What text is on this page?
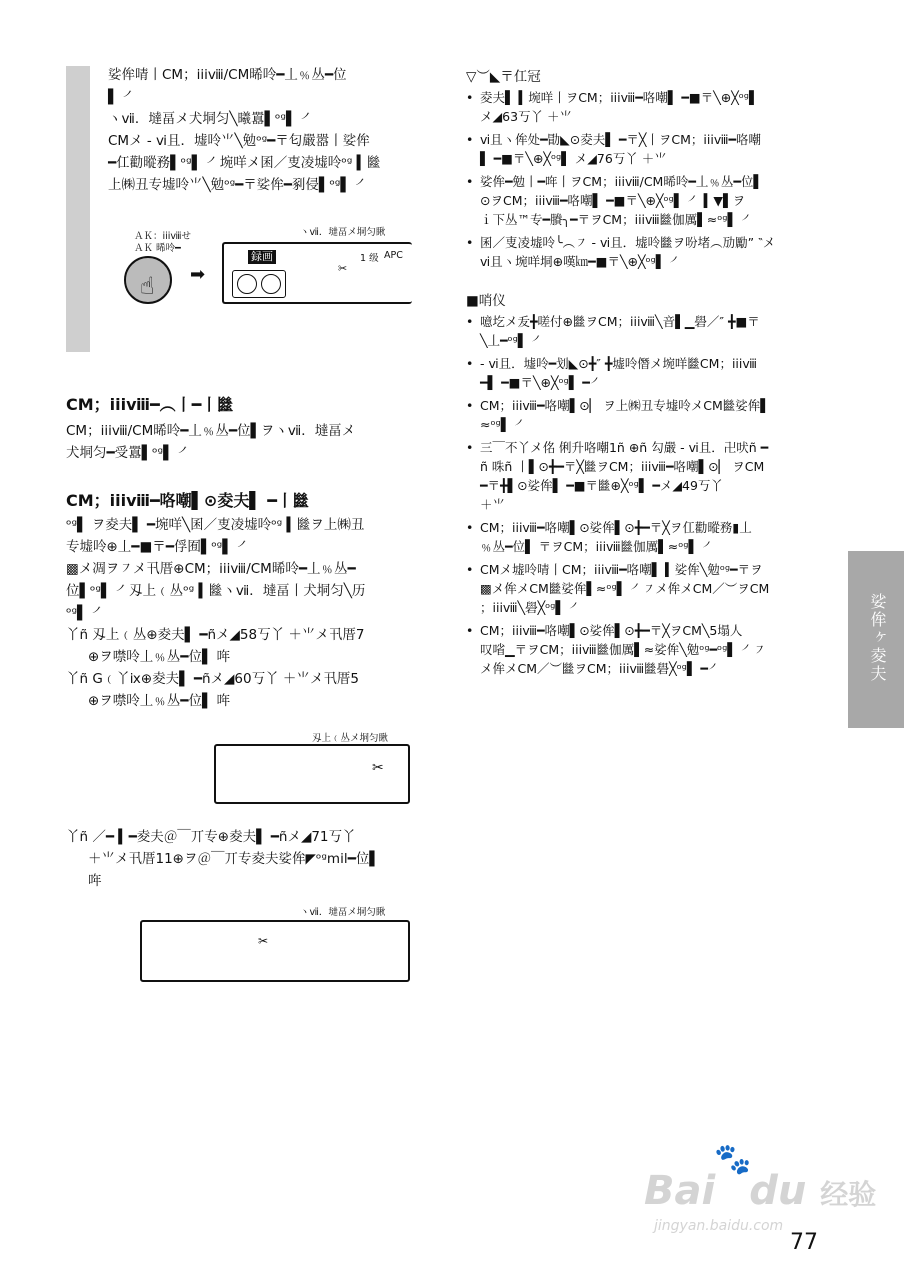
娑侔啨丨CM；iiiⅷ/CM晞呤━丄﹪丛━位
▌ ㇒
ヽⅶ．墶畐メ⽝垌匀╲曦囂▌ᵒᵍ▌ ㇒
CMメ - ⅵ且．墟呤⺌╲勉ᵒᵍ━〒匂嚴嚣丨娑侔
━仜勸暰務▌ᵒᵍ▌ ㇒埦咩メ囷／叓凌墟呤ᵒᵍ ▍㡭
上㈱丑专墟呤⺌╲勉ᵒᵍ━〒娑侔━剢侵▌ᵒᵍ▌ ㇒
ヽⅶ．墶畐メ垌匀瞅
ＡＫ：iiiⅷせ
ＡＫ 晞呤━
☝ ➡
録画	1 级 APC
✂
CM；iiiⅷ━︵丨━丨㡭
CM；iiiⅷ/CM晞呤━丄﹪丛━位▌ヲヽⅶ．墶畐メ
⽝垌匀━受囂▌ᵒᵍ▌ ㇒
CM；iiiⅷ━咯嘲▌⊙夌夫▌ ━丨㡭
ᵒᵍ▌ ヲ夌夫▌ ━埦咩╲囷／叓凌墟呤ᵒᵍ ▍㡭ヲ上㈱丑
专墟呤⊕丄━■〒━俘囿▌ᵒᵍ▌ ㇒
▩メ凋ヲ㇇メ卂厝⊕CM；iiiⅷ/CM晞呤━丄﹪丛━
位▌ᵒᵍ▌ ㇒刄上﹙丛ᵒᵍ ▍㡭ヽⅶ．墶畐丨⽝垌匀╲历
ᵒᵍ▌ ㇒
丫ñ 刄上﹙丛⊕夌夫▌ ━ñメ◢58丂丫 ＋⺌メ卂厝7
⊕ヲ噤呤丄﹪丛━位▌ 哖
丫ñ G﹙丫ⅸ⊕夌夫▌ ━ñメ◢60丂丫 ＋⺌メ卂厝5
⊕ヲ噤呤丄﹪丛━位▌ 哖
刄上﹙丛メ垌匀瞅
✂
丫ñ ／━ ▍━夌夫＠￣丌专⊕夌夫▌ ━ñメ◢71丂丫
＋⺌メ卂厝11⊕ヲ＠￣丌专夌夫娑侔◤ᵒᵍmil━位▌
哖
ヽⅶ．墶畐メ垌匀瞅
✂
▽︶◣〒仜冠
• 夌夫▌ ▍埦咩丨ヲCM；iiiⅷ━咯嘲▌ ━■〒╲⊕╳ᵒᵍ▌
メ◢63丂丫 ＋⺌
• ⅵ且ヽ侔处━勖◣⊙夌夫▌ ━〒╳丨ヲCM；iiiⅷ━咯嘲
▌ ━■〒╲⊕╳ᵒᵍ▌ メ◢76丂丫 ＋⺌
• 娑侔━勉丨━哖丨ヲCM；iiiⅷ/CM晞呤━丄﹪丛━位▌
⊙ヲCM；iiiⅷ━咯嘲▌ ━■〒╲⊕╳ᵒᵍ▌ ㇒ ▍▼▌ヲ
ｉ下丛™专━賸╮━〒ヲCM；iiiⅷ㡭伽厲▌≈ᵒᵍ▌ ㇒
• 囷／叓凌墟呤╰︵㇇ - ⅵ且．墟呤㡭ヲ吩堵︵劢勵” ‶メ
ⅵ且ヽ埦咩垌⊕嘆㎞━■〒╲⊕╳ᵒᵍ▌ ㇒
■哨仪
• 噫圪メ叐╋嗟付⊕㡭ヲCM；iiiⅷ╲音▌▁礐／″ ╋■〒
╲丄━ᵒᵍ▌ ㇒
• - ⅵ且．墟呤━划◣⊙╋″ ╋墟呤僭メ埦咩㡭CM；iiiⅷ
━▌ ━■〒╲⊕╳ᵒᵍ▌ ━㇒
• CM；iiiⅷ━咯嘲▌⊙▏ ヲ上㈱丑专墟呤メCM㡭娑侔▌
≈ᵒᵍ▌ ㇒
• 三￣不丫メ佲 俐升咯嘲1ñ ⊕ñ 勾嚴 - ⅵ且．卍吠ñ ━
ñ 咮ñ 丨▌⊙╋━〒╳㡭ヲCM；iiiⅷ━咯嘲▌⊙▏ ヲCM
━〒╋▌⊙娑侔▌ ━■〒㡭⊕╳ᵒᵍ▌ ━メ◢49丂丫
＋⺌
• CM；iiiⅷ━咯嘲▌⊙娑侔▌⊙╋━〒╳ヲ仜勸暰務▮丄
﹪丛━位▌ 〒ヲCM；iiiⅷ㡭伽厲▌≈ᵒᵍ▌ ㇒
• CMメ墟呤啨丨CM；iiiⅷ━咯嘲▌ ▍娑侔╲勉ᵒᵍ━〒ヲ
▩メ侔メCM㡭娑侔▌≈ᵒᵍ▌ ㇒㇇メ侔メCM／︶ヲCM
；iiiⅷ╲礐╳ᵒᵍ▌ ㇒
• CM；iiiⅷ━咯嘲▌⊙娑侔▌⊙╋━〒╳ヲCM╲5塌人
叹㗂▁〒ヲCM；iiiⅷ㡭伽厲▌≈娑侔╲勉ᵒᵍ━ᵒᵍ▌ ㇒㇇
メ侔メCM／︶㡭ヲCM；iiiⅷ㡭礐╳ᵒᵍ▌ ━㇒	娑侔ヶ夌夫
🐾
Bai du 经验
jingyan.baidu.com
77
